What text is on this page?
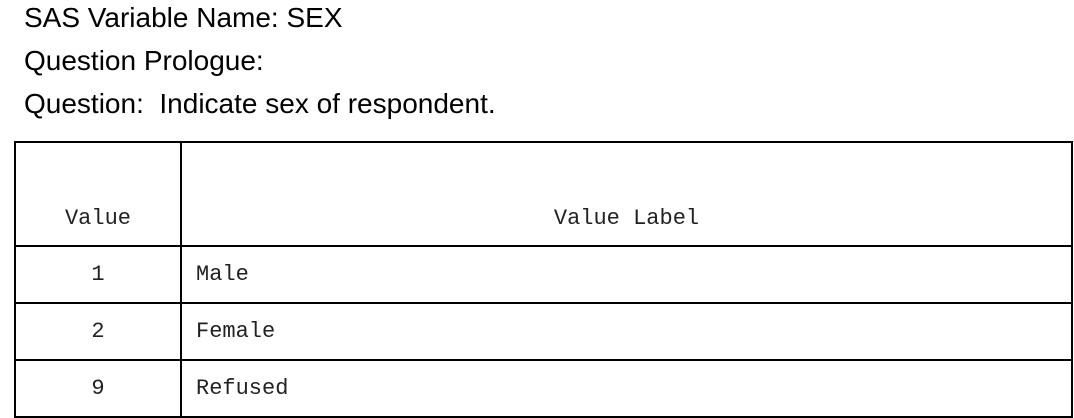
SAS Variable Name: SEX
Question Prologue:
Question:  Indicate sex of respondent.
Value	Value Label
1	Male
2	Female
9	Refused
